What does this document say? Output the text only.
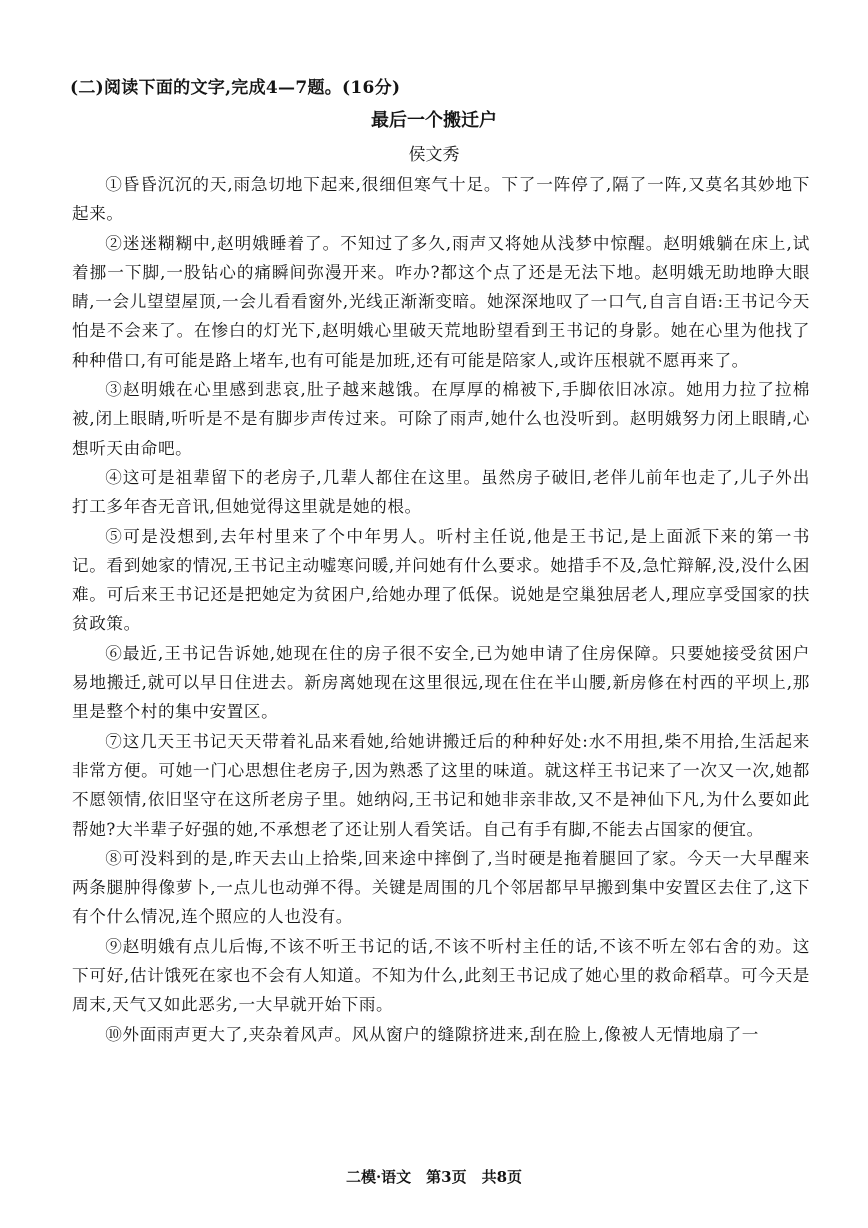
(二)阅读下面的文字,完成4—7题。(16分)
最后一个搬迁户
侯文秀

①昏昏沉沉的天,雨急切地下起来,很细但寒气十足。下了一阵停了,隔了一阵,又莫名其妙地下起来。

②迷迷糊糊中,赵明娥睡着了。不知过了多久,雨声又将她从浅梦中惊醒。赵明娥躺在床上,试着挪一下脚,一股钻心的痛瞬间弥漫开来。咋办?都这个点了还是无法下地。赵明娥无助地睁大眼睛,一会儿望望屋顶,一会儿看看窗外,光线正渐渐变暗。她深深地叹了一口气,自言自语:王书记今天怕是不会来了。在惨白的灯光下,赵明娥心里破天荒地盼望看到王书记的身影。她在心里为他找了种种借口,有可能是路上堵车,也有可能是加班,还有可能是陪家人,或许压根就不愿再来了。

③赵明娥在心里感到悲哀,肚子越来越饿。在厚厚的棉被下,手脚依旧冰凉。她用力拉了拉棉被,闭上眼睛,听听是不是有脚步声传过来。可除了雨声,她什么也没听到。赵明娥努力闭上眼睛,心想听天由命吧。

④这可是祖辈留下的老房子,几辈人都住在这里。虽然房子破旧,老伴儿前年也走了,儿子外出打工多年杳无音讯,但她觉得这里就是她的根。

⑤可是没想到,去年村里来了个中年男人。听村主任说,他是王书记,是上面派下来的第一书记。看到她家的情况,王书记主动嘘寒问暖,并问她有什么要求。她措手不及,急忙辩解,没,没什么困难。可后来王书记还是把她定为贫困户,给她办理了低保。说她是空巢独居老人,理应享受国家的扶贫政策。

⑥最近,王书记告诉她,她现在住的房子很不安全,已为她申请了住房保障。只要她接受贫困户易地搬迁,就可以早日住进去。新房离她现在这里很远,现在住在半山腰,新房修在村西的平坝上,那里是整个村的集中安置区。

⑦这几天王书记天天带着礼品来看她,给她讲搬迁后的种种好处:水不用担,柴不用拾,生活起来非常方便。可她一门心思想住老房子,因为熟悉了这里的味道。就这样王书记来了一次又一次,她都不愿领情,依旧坚守在这所老房子里。她纳闷,王书记和她非亲非故,又不是神仙下凡,为什么要如此帮她?大半辈子好强的她,不承想老了还让别人看笑话。自己有手有脚,不能去占国家的便宜。

⑧可没料到的是,昨天去山上拾柴,回来途中摔倒了,当时硬是拖着腿回了家。今天一大早醒来两条腿肿得像萝卜,一点儿也动弹不得。关键是周围的几个邻居都早早搬到集中安置区去住了,这下有个什么情况,连个照应的人也没有。

⑨赵明娥有点儿后悔,不该不听王书记的话,不该不听村主任的话,不该不听左邻右舍的劝。这下可好,估计饿死在家也不会有人知道。不知为什么,此刻王书记成了她心里的救命稻草。可今天是周末,天气又如此恶劣,一大早就开始下雨。

⑩外面雨声更大了,夹杂着风声。风从窗户的缝隙挤进来,刮在脸上,像被人无情地扇了一

二模·语文　第3页　共8页
